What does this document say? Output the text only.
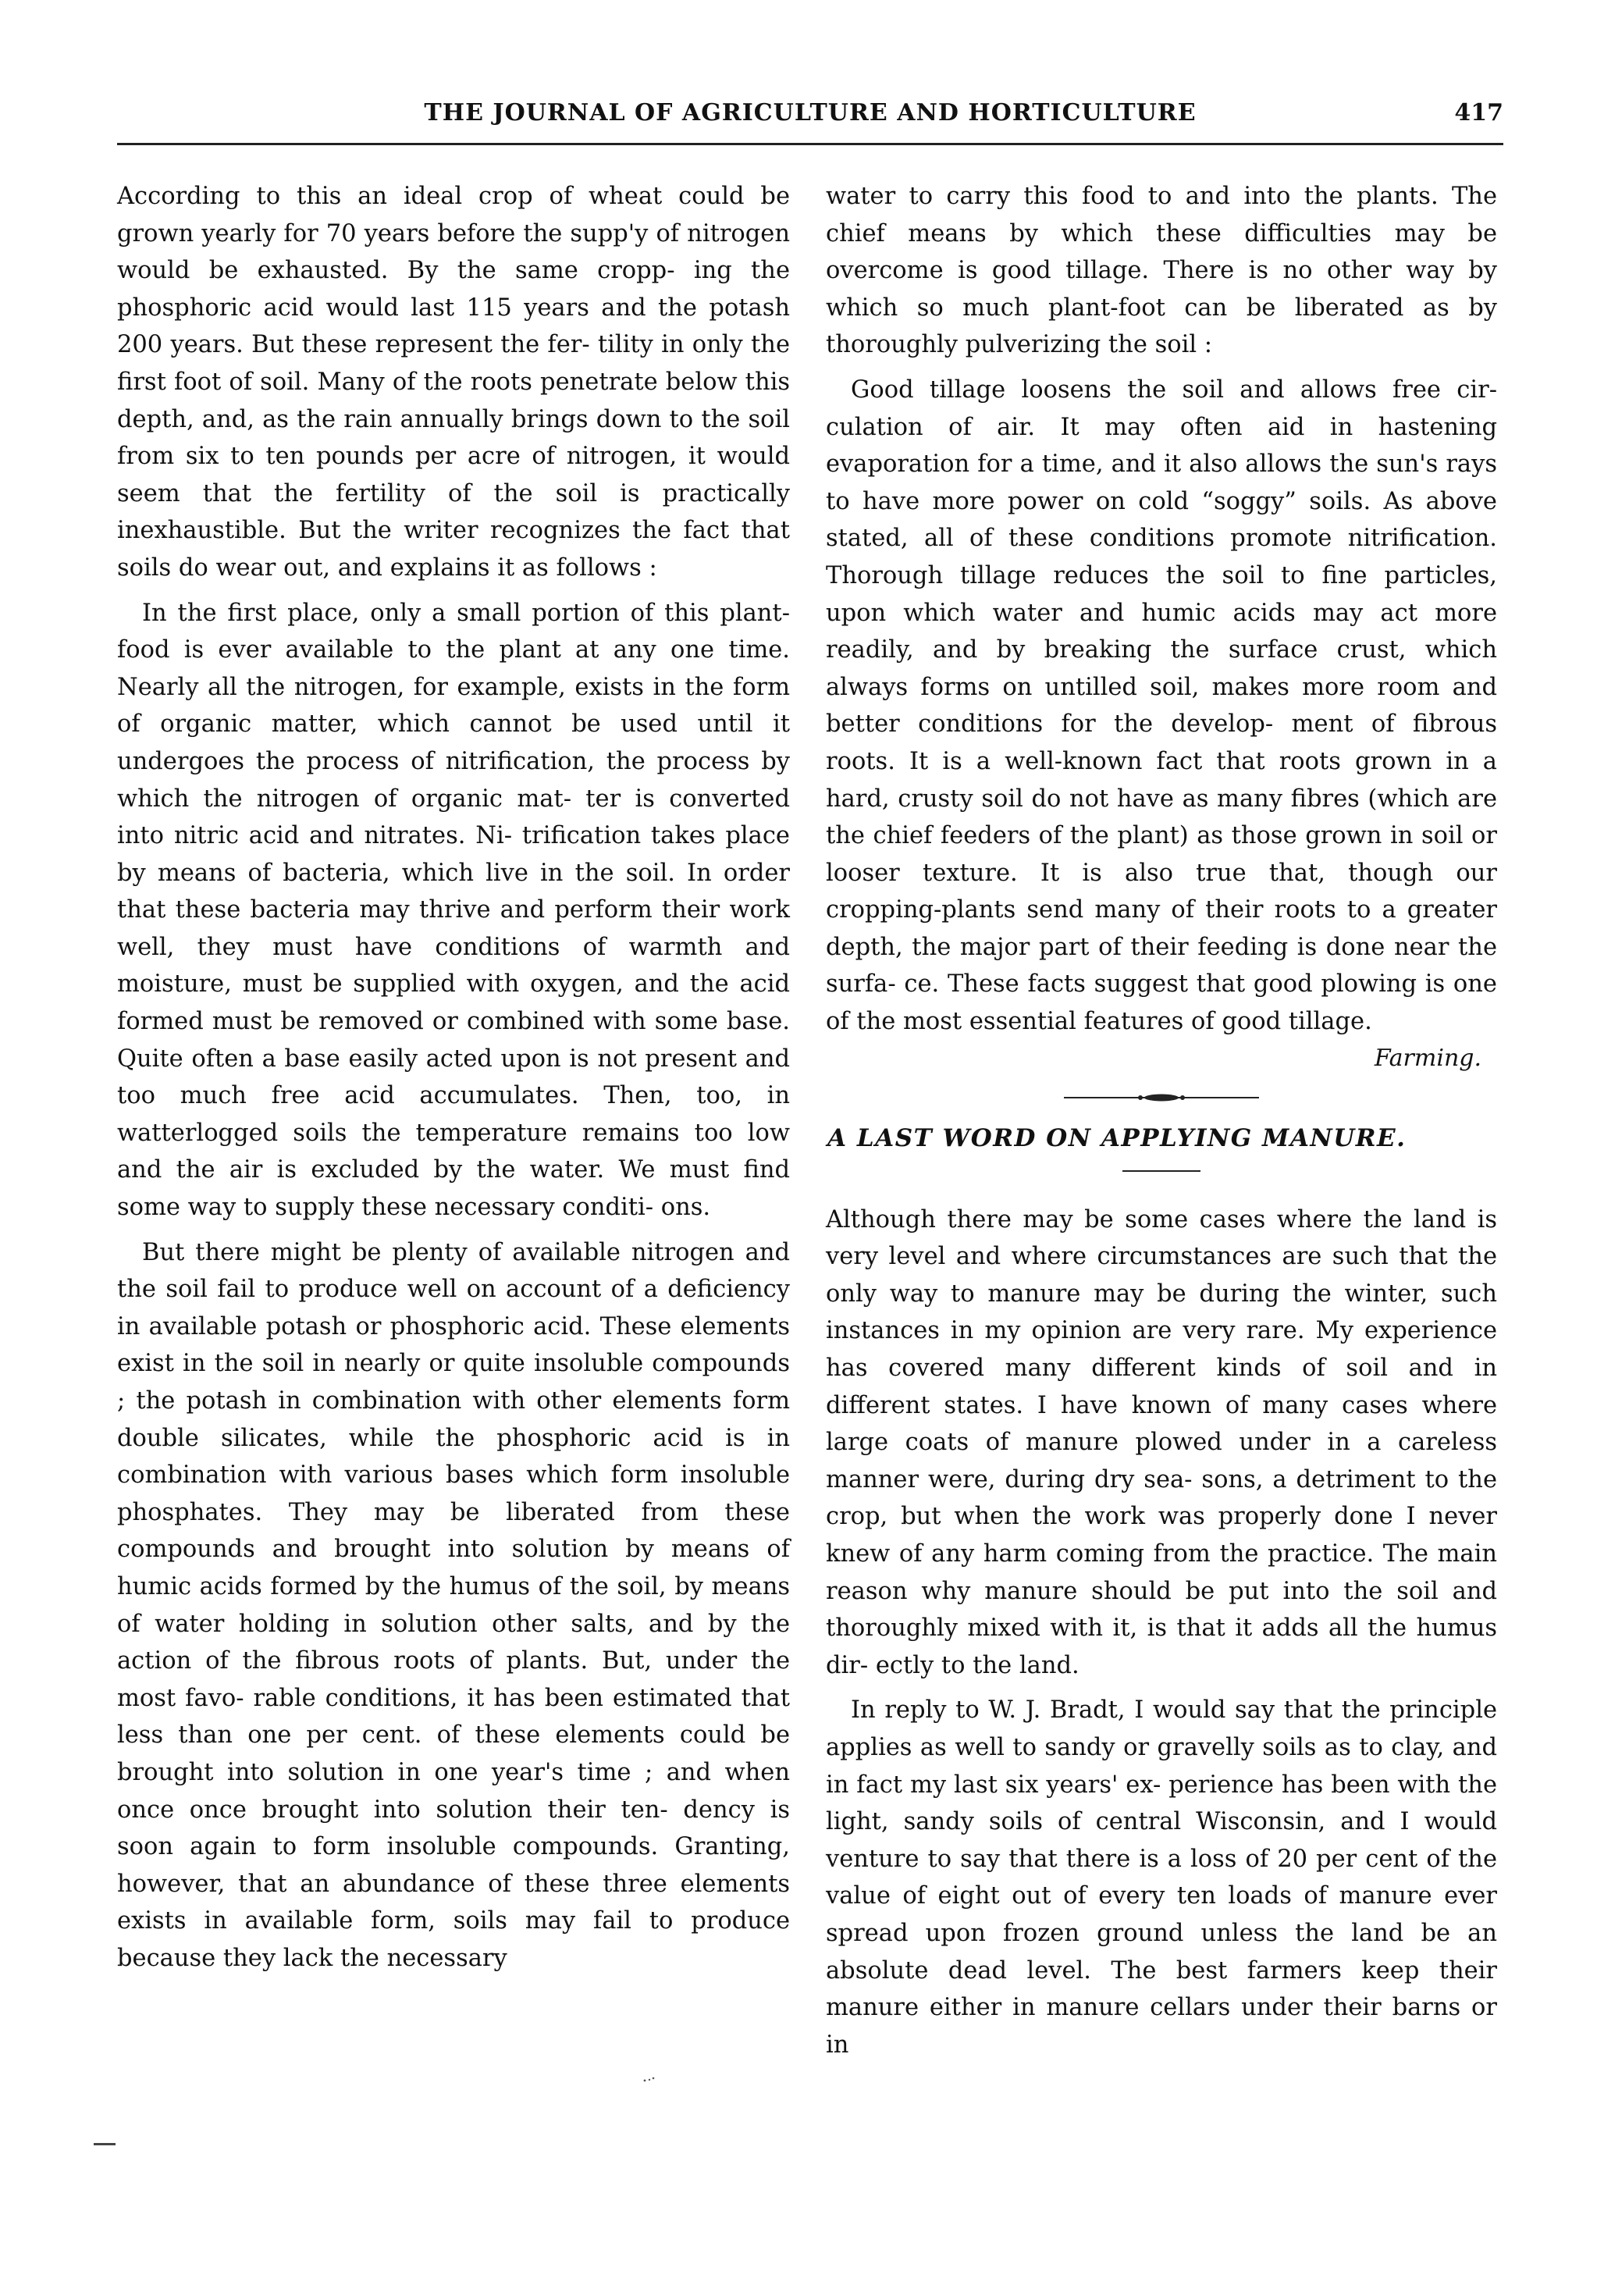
THE JOURNAL OF AGRICULTURE AND HORTICULTURE	417

According to this an ideal crop of wheat could be grown yearly for 70 years before the supp'y of nitrogen would be exhausted. By the same cropp- ing the phosphoric acid would last 115 years and the potash 200 years. But these represent the fer- tility in only the first foot of soil. Many of the roots penetrate below this depth, and, as the rain annually brings down to the soil from six to ten pounds per acre of nitrogen, it would seem that the fertility of the soil is practically inexhaustible. But the writer recognizes the fact that soils do wear out, and explains it as follows :

In the first place, only a small portion of this plant-food is ever available to the plant at any one time. Nearly all the nitrogen, for example, exists in the form of organic matter, which cannot be used until it undergoes the process of nitrification, the process by which the nitrogen of organic mat- ter is converted into nitric acid and nitrates. Ni- trification takes place by means of bacteria, which live in the soil. In order that these bacteria may thrive and perform their work well, they must have conditions of warmth and moisture, must be supplied with oxygen, and the acid formed must be removed or combined with some base. Quite often a base easily acted upon is not present and too much free acid accumulates. Then, too, in watterlogged soils the temperature remains too low and the air is excluded by the water. We must find some way to supply these necessary conditi- ons.

But there might be plenty of available nitrogen and the soil fail to produce well on account of a deficiency in available potash or phosphoric acid. These elements exist in the soil in nearly or quite insoluble compounds ; the potash in combination with other elements form double silicates, while the phosphoric acid is in combination with various bases which form insoluble phosphates. They may be liberated from these compounds and brought into solution by means of humic acids formed by the humus of the soil, by means of water holding in solution other salts, and by the action of the fibrous roots of plants. But, under the most favo- rable conditions, it has been estimated that less than one per cent. of these elements could be brought into solution in one year's time ; and when once once brought into solution their ten- dency is soon again to form insoluble compounds. Granting, however, that an abundance of these three elements exists in available form, soils may fail to produce because they lack the necessary

water to carry this food to and into the plants. The chief means by which these difficulties may be overcome is good tillage. There is no other way by which so much plant-foot can be liberated as by thoroughly pulverizing the soil :

Good tillage loosens the soil and allows free cir- culation of air. It may often aid in hastening evaporation for a time, and it also allows the sun's rays to have more power on cold “soggy” soils. As above stated, all of these conditions promote nitrification. Thorough tillage reduces the soil to fine particles, upon which water and humic acids may act more readily, and by breaking the surface crust, which always forms on untilled soil, makes more room and better conditions for the develop- ment of fibrous roots. It is a well-known fact that roots grown in a hard, crusty soil do not have as many fibres (which are the chief feeders of the plant) as those grown in soil or looser texture. It is also true that, though our cropping-plants send many of their roots to a greater depth, the major part of their feeding is done near the surfa- ce. These facts suggest that good plowing is one of the most essential features of good tillage.

Farming.

A LAST WORD ON APPLYING MANURE.

Although there may be some cases where the land is very level and where circumstances are such that the only way to manure may be during the winter, such instances in my opinion are very rare. My experience has covered many different kinds of soil and in different states. I have known of many cases where large coats of manure plowed under in a careless manner were, during dry sea- sons, a detriment to the crop, but when the work was properly done I never knew of any harm coming from the practice. The main reason why manure should be put into the soil and thoroughly mixed with it, is that it adds all the humus dir- ectly to the land.

In reply to W. J. Bradt, I would say that the principle applies as well to sandy or gravelly soils as to clay, and in fact my last six years' ex- perience has been with the light, sandy soils of central Wisconsin, and I would venture to say that there is a loss of 20 per cent of the value of eight out of every ten loads of manure ever spread upon frozen ground unless the land be an absolute dead level. The best farmers keep their manure either in manure cellars under their barns or in
